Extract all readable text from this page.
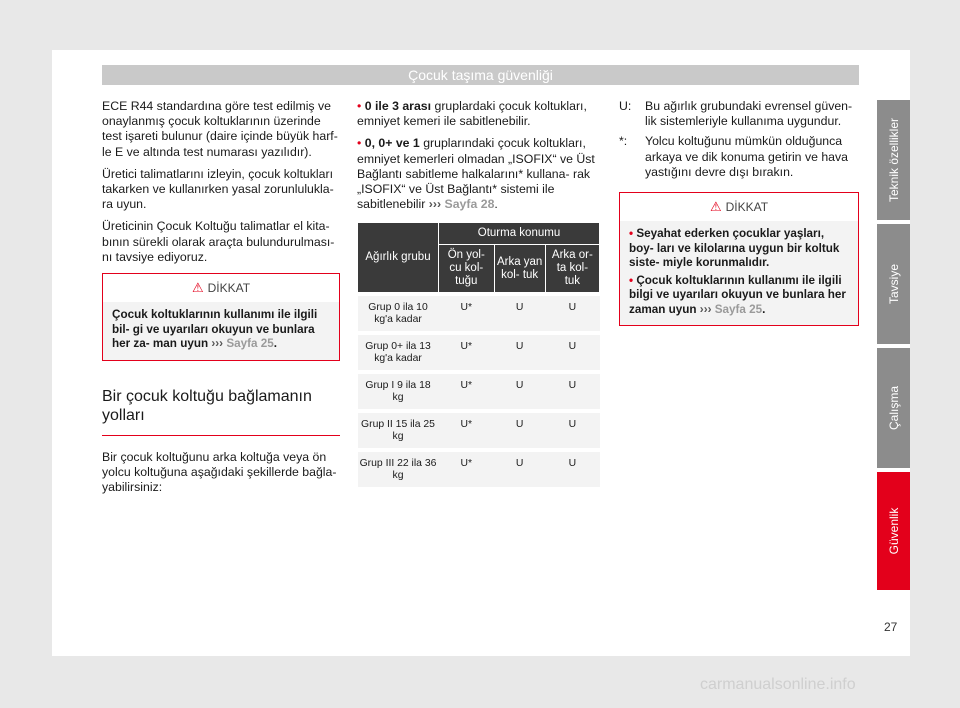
Çocuk taşıma güvenliği

ECE R44 standardına göre test edilmiş ve onaylanmış çocuk koltuklarının üzerinde test işareti bulunur (daire içinde büyük harf- le E ve altında test numarası yazılıdır).

Üretici talimatlarını izleyin, çocuk koltukları takarken ve kullanırken yasal zorunlulukla- ra uyun.

Üreticinin Çocuk Koltuğu talimatlar el kita- bının sürekli olarak araçta bulundurulması- nı tavsiye ediyoruz.

⚠ DİKKAT
Çocuk koltuklarının kullanımı ile ilgili bil- gi ve uyarıları okuyun ve bunlara her za- man uyun ››› Sayfa 25.
Bir çocuk koltuğu bağlamanın yolları

Bir çocuk koltuğunu arka koltuğa veya ön yolcu koltuğuna aşağıdaki şekillerde bağla- yabilirsiniz:

• 0 ile 3 arası gruplardaki çocuk koltukları, emniyet kemeri ile sabitlenebilir.

• 0, 0+ ve 1 gruplarındaki çocuk koltukları, emniyet kemerleri olmadan „ISOFIX“ ve Üst Bağlantı sabitleme halkalarını* kullana- rak „ISOFIX“ ve Üst Bağlantı* sistemi ile sabitlenebilir ››› Sayfa 28.

Ağırlık grubu	Oturma konumu		
	Ön yol- cu kol- tuğu	Arka yan kol- tuk	Arka or- ta kol- tuk
Grup 0 ila 10 kg'a kadar	U*	U	U
Grup 0+ ila 13 kg'a kadar	U*	U	U
Grup I 9 ila 18 kg	U*	U	U
Grup II 15 ila 25 kg	U*	U	U
Grup III 22 ila 36 kg	U*	U	U
U:	Bu ağırlık grubundaki evrensel güven- lik sistemleriyle kullanıma uygundur.
*:	Yolcu koltuğunu mümkün olduğunca arkaya ve dik konuma getirin ve hava yastığını devre dışı bırakın.
⚠ DİKKAT
• Seyahat ederken çocuklar yaşları, boy- ları ve kilolarına uygun bir koltuk siste- miyle korunmalıdır.
• Çocuk koltuklarının kullanımı ile ilgili bilgi ve uyarıları okuyun ve bunlara her zaman uyun ››› Sayfa 25.
Teknik özellikler
Tavsiye
Çalışma
Güvenlik
27
carmanualsonline.info
